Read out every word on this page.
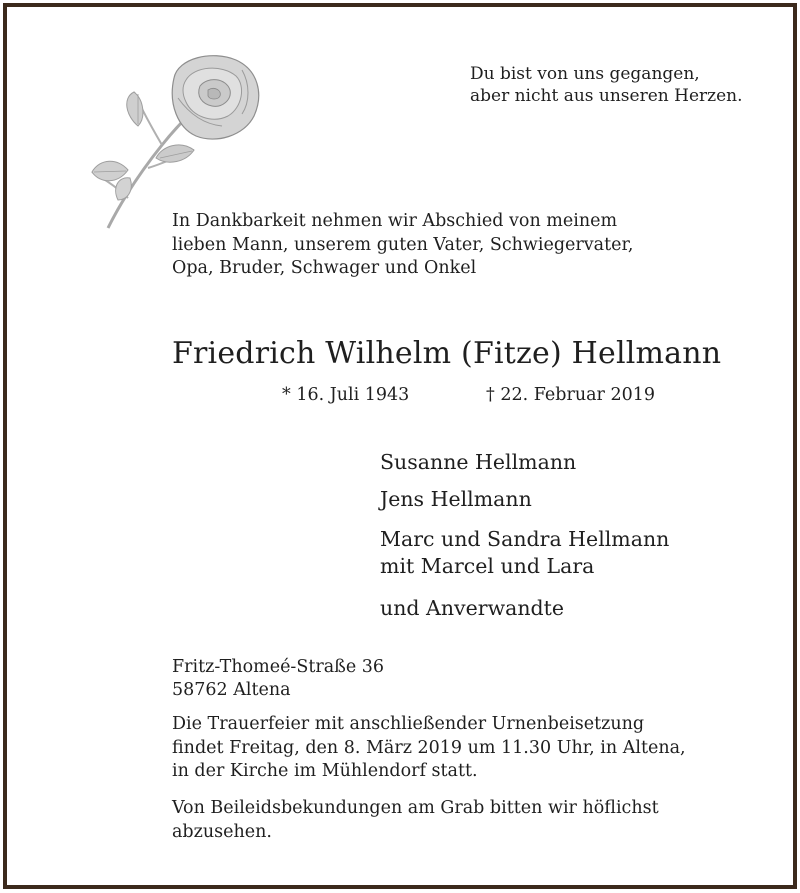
Du bist von uns gegangen,
aber nicht aus unseren Herzen.
In Dankbarkeit nehmen wir Abschied von meinem
lieben Mann, unserem guten Vater, Schwiegervater,
Opa, Bruder, Schwager und Onkel
Friedrich Wilhelm (Fitze) Hellmann
* 16. Juli 1943	† 22. Februar 2019
Susanne Hellmann
Jens Hellmann
Marc und Sandra Hellmann
mit Marcel und Lara
und Anverwandte
Fritz-Thomeé-Straße 36
58762 Altena
Die Trauerfeier mit anschließender Urnenbeisetzung
findet Freitag, den 8. März 2019 um 11.30 Uhr, in Altena,
in der Kirche im Mühlendorf statt.
Von Beileidsbekundungen am Grab bitten wir höflichst
abzusehen.
